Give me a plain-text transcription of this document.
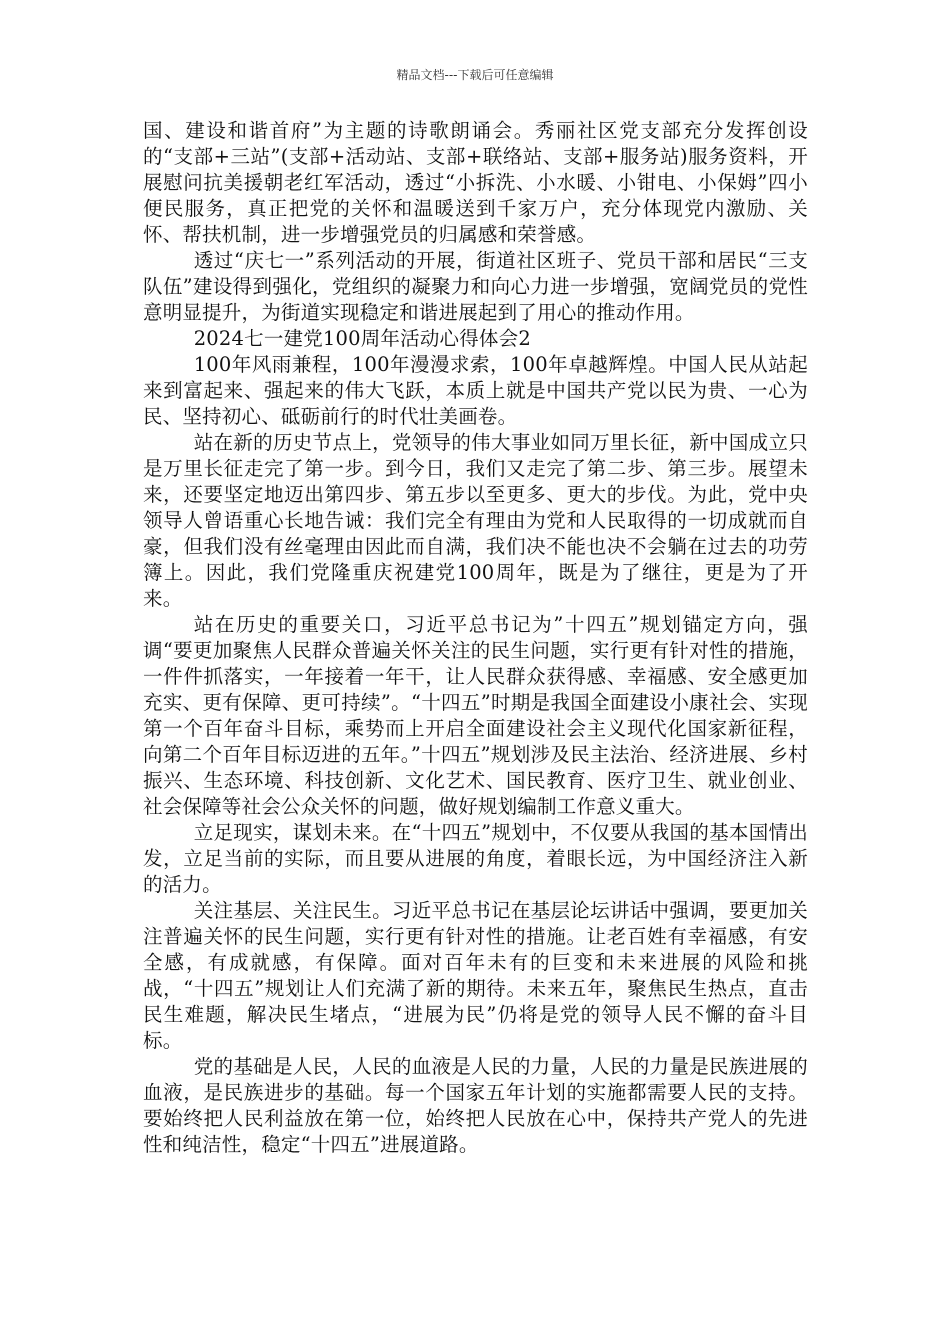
精品文档---下载后可任意编辑

国、建设和谐首府”为主题的诗歌朗诵会。秀丽社区党支部充分发挥创设的“支部+三站”(支部+活动站、支部+联络站、支部+服务站)服务资料，开展慰问抗美援朝老红军活动，透过“小拆洗、小水暖、小钳电、小保姆”四小便民服务，真正把党的关怀和温暖送到千家万户，充分体现党内激励、关怀、帮扶机制，进一步增强党员的归属感和荣誉感。

透过“庆七一”系列活动的开展，街道社区班子、党员干部和居民“三支队伍”建设得到强化，党组织的凝聚力和向心力进一步增强，宽阔党员的党性意明显提升，为街道实现稳定和谐进展起到了用心的推动作用。

2024七一建党100周年活动心得体会2

100年风雨兼程，100年漫漫求索，100年卓越辉煌。中国人民从站起来到富起来、强起来的伟大飞跃，本质上就是中国共产党以民为贵、一心为民、坚持初心、砥砺前行的时代壮美画卷。

站在新的历史节点上，党领导的伟大事业如同万里长征，新中国成立只是万里长征走完了第一步。到今日，我们又走完了第二步、第三步。展望未来，还要坚定地迈出第四步、第五步以至更多、更大的步伐。为此，党中央领导人曾语重心长地告诫：我们完全有理由为党和人民取得的一切成就而自豪，但我们没有丝毫理由因此而自满，我们决不能也决不会躺在过去的功劳簿上。因此，我们党隆重庆祝建党100周年，既是为了继往，更是为了开来。

站在历史的重要关口，习近平总书记为”十四五”规划锚定方向，强调“要更加聚焦人民群众普遍关怀关注的民生问题，实行更有针对性的措施，一件件抓落实，一年接着一年干，让人民群众获得感、幸福感、安全感更加充实、更有保障、更可持续”。“十四五”时期是我国全面建设小康社会、实现第一个百年奋斗目标，乘势而上开启全面建设社会主义现代化国家新征程，向第二个百年目标迈进的五年。”十四五”规划涉及民主法治、经济进展、乡村振兴、生态环境、科技创新、文化艺术、国民教育、医疗卫生、就业创业、社会保障等社会公众关怀的问题，做好规划编制工作意义重大。

立足现实，谋划未来。在“十四五”规划中，不仅要从我国的基本国情出发，立足当前的实际，而且要从进展的角度，着眼长远，为中国经济注入新的活力。

关注基层、关注民生。习近平总书记在基层论坛讲话中强调，要更加关注普遍关怀的民生问题，实行更有针对性的措施。让老百姓有幸福感，有安全感，有成就感，有保障。面对百年未有的巨变和未来进展的风险和挑战，“十四五”规划让人们充满了新的期待。未来五年，聚焦民生热点，直击民生难题，解决民生堵点，“进展为民”仍将是党的领导人民不懈的奋斗目标。

党的基础是人民，人民的血液是人民的力量，人民的力量是民族进展的血液，是民族进步的基础。每一个国家五年计划的实施都需要人民的支持。要始终把人民利益放在第一位，始终把人民放在心中，保持共产党人的先进性和纯洁性，稳定“十四五”进展道路。
